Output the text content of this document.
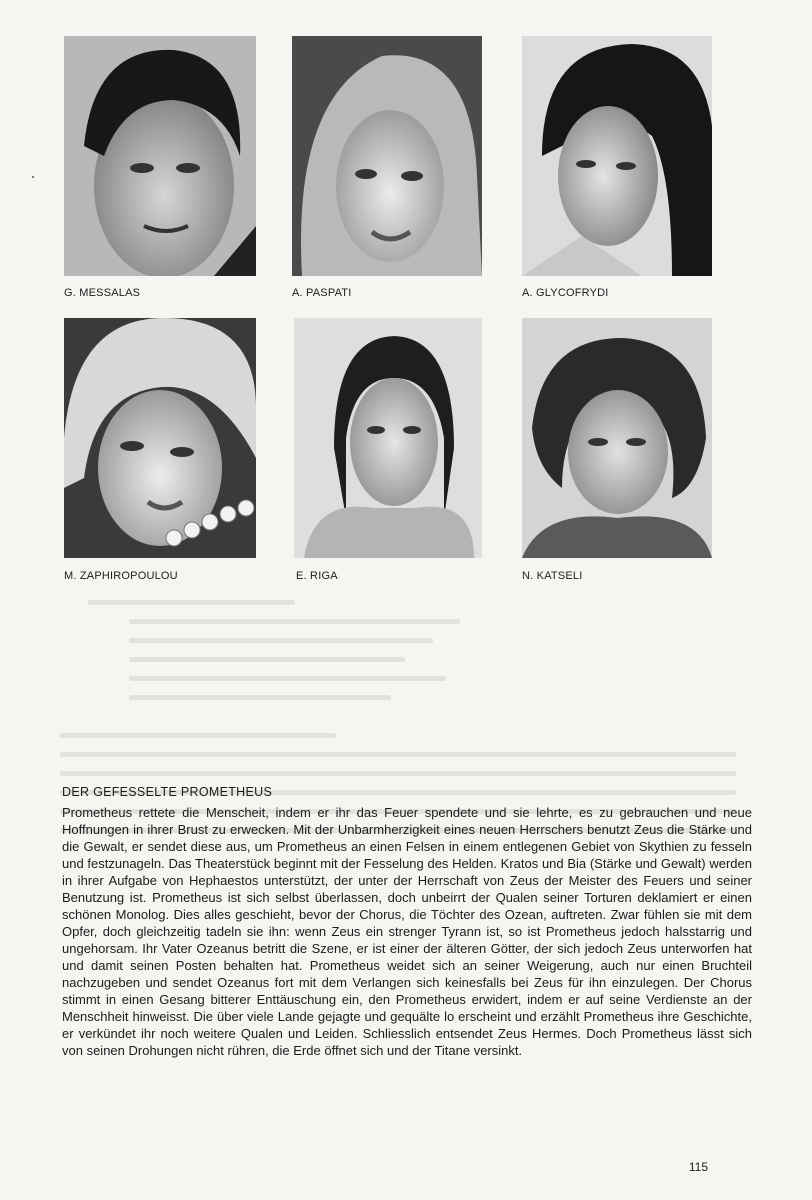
G. MESSALAS	A. PASPATI	A. GLYCOFRYDI
M. ZAPHIROPOULOU	E. RIGA	N. KATSELI
DER GEFESSELTE PROMETHEUS

Prometheus rettete die Menscheit, indem er ihr das Feuer spendete und sie lehrte, es zu gebrauchen und neue Hoffnungen in ihrer Brust zu erwecken. Mit der Unbarmherzigkeit eines neuen Herrschers benutzt Zeus die Stärke und die Gewalt, er sendet diese aus, um Prometheus an einen Felsen in einem entlegenen Gebiet von Skythien zu fesseln und festzunageln. Das Theaterstück beginnt mit der Fesselung des Helden. Kratos und Bia (Stärke und Gewalt) werden in ihrer Aufgabe von Hephaestos unterstützt, der unter der Herrschaft von Zeus der Meister des Feuers und seiner Benutzung ist. Prometheus ist sich selbst überlassen, doch unbeirrt der Qualen seiner Torturen deklamiert er einen schönen Monolog. Dies alles geschieht, bevor der Chorus, die Töchter des Ozean, auftreten. Zwar fühlen sie mit dem Opfer, doch gleichzeitig tadeln sie ihn: wenn Zeus ein strenger Tyrann ist, so ist Prometheus jedoch halsstarrig und ungehorsam. Ihr Vater Ozeanus betritt die Szene, er ist einer der älteren Götter, der sich jedoch Zeus unterworfen hat und damit seinen Posten behalten hat. Prometheus weidet sich an seiner Weigerung, auch nur einen Bruchteil nachzugeben und sendet Ozeanus fort mit dem Verlangen sich keinesfalls bei Zeus für ihn einzulegen. Der Chorus stimmt in einen Gesang bitterer Enttäuschung ein, den Prometheus erwidert, indem er auf seine Verdienste an der Menschheit hinweisst. Die über viele Lande gejagte und gequälte lo erscheint und erzählt Prometheus ihre Geschichte, er verkündet ihr noch weitere Qualen und Leiden. Schliesslich entsendet Zeus Hermes. Doch Prometheus lässt sich von seinen Drohungen nicht rühren, die Erde öffnet sich und der Titane versinkt.

115
